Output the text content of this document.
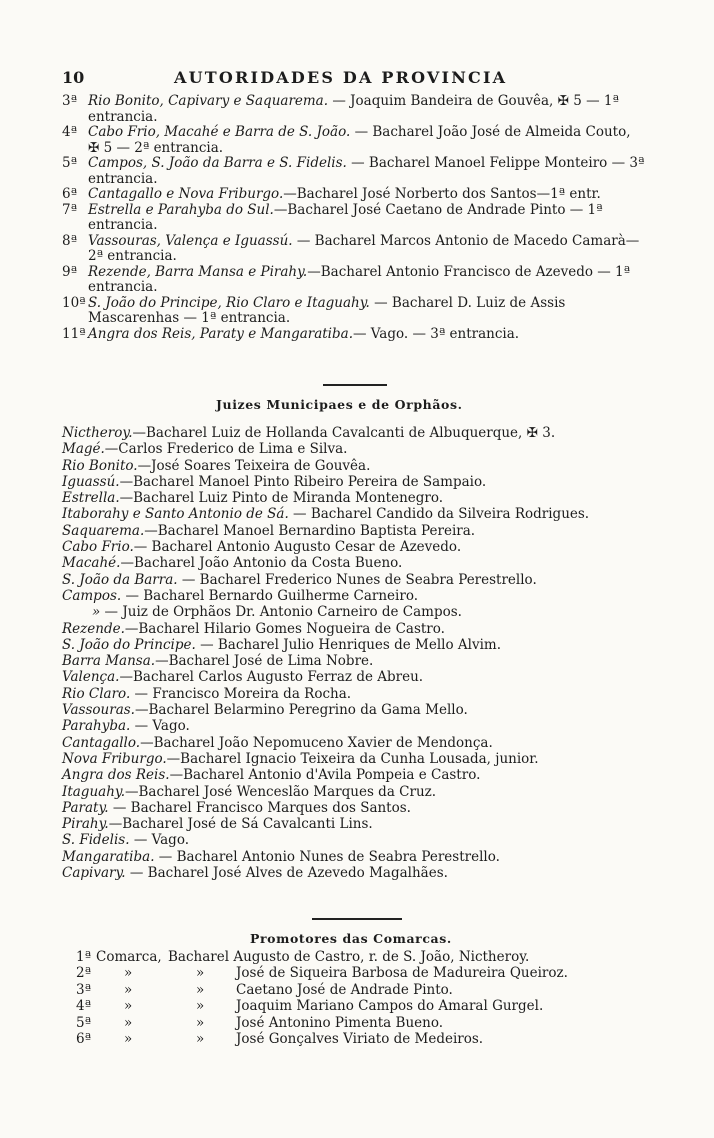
10	AUTORIDADES DA PROVINCIA
3ª Rio Bonito, Capivary e Saquarema. — Joaquim Bandeira de Gouvêa, ✠ 5 — 1ª entrancia.
4ª Cabo Frio, Macahé e Barra de S. João. — Bacharel João José de Almeida Couto, ✠ 5 — 2ª entrancia.
5ª Campos, S. João da Barra e S. Fidelis. — Bacharel Manoel Felippe Monteiro — 3ª entrancia.
6ª Cantagallo e Nova Friburgo.—Bacharel José Norberto dos Santos—1ª entr.
7ª Estrella e Parahyba do Sul.—Bacharel José Caetano de Andrade Pinto — 1ª entrancia.
8ª Vassouras, Valença e Iguassú. — Bacharel Marcos Antonio de Macedo Camarà—2ª entrancia.
9ª Rezende, Barra Mansa e Pirahy.—Bacharel Antonio Francisco de Azevedo — 1ª entrancia.
10ª S. João do Principe, Rio Claro e Itaguahy. — Bacharel D. Luiz de Assis Mascarenhas — 1ª entrancia.
11ª Angra dos Reis, Paraty e Mangaratiba.— Vago. — 3ª entrancia.
Juizes Municipaes e de Orphãos.
Nictheroy.—Bacharel Luiz de Hollanda Cavalcanti de Albuquerque, ✠ 3.
Magé.—Carlos Frederico de Lima e Silva.
Rio Bonito.—José Soares Teixeira de Gouvêa.
Iguassú.—Bacharel Manoel Pinto Ribeiro Pereira de Sampaio.
Estrella.—Bacharel Luiz Pinto de Miranda Montenegro.
Itaborahy e Santo Antonio de Sá. — Bacharel Candido da Silveira Rodrigues.
Saquarema.—Bacharel Manoel Bernardino Baptista Pereira.
Cabo Frio.— Bacharel Antonio Augusto Cesar de Azevedo.
Macahé.—Bacharel João Antonio da Costa Bueno.
S. João da Barra. — Bacharel Frederico Nunes de Seabra Perestrello.
Campos. — Bacharel Bernardo Guilherme Carneiro.
» — Juiz de Orphãos Dr. Antonio Carneiro de Campos.
Rezende.—Bacharel Hilario Gomes Nogueira de Castro.
S. João do Principe. — Bacharel Julio Henriques de Mello Alvim.
Barra Mansa.—Bacharel José de Lima Nobre.
Valença.—Bacharel Carlos Augusto Ferraz de Abreu.
Rio Claro. — Francisco Moreira da Rocha.
Vassouras.—Bacharel Belarmino Peregrino da Gama Mello.
Parahyba. — Vago.
Cantagallo.—Bacharel João Nepomuceno Xavier de Mendonça.
Nova Friburgo.—Bacharel Ignacio Teixeira da Cunha Lousada, junior.
Angra dos Reis.—Bacharel Antonio d'Avila Pompeia e Castro.
Itaguahy.—Bacharel José Wenceslão Marques da Cruz.
Paraty. — Bacharel Francisco Marques dos Santos.
Pirahy.—Bacharel José de Sá Cavalcanti Lins.
S. Fidelis. — Vago.
Mangaratiba. — Bacharel Antonio Nunes de Seabra Perestrello.
Capivary. — Bacharel José Alves de Azevedo Magalhães.
Promotores das Comarcas.
1ª Comarca, Bacharel Augusto de Castro, r. de S. João, Nictheroy.
2ª	»	» José de Siqueira Barbosa de Madureira Queiroz.
3ª	»	» Caetano José de Andrade Pinto.
4ª	»	» Joaquim Mariano Campos do Amaral Gurgel.
5ª	»	» José Antonino Pimenta Bueno.
6ª	»	» José Gonçalves Viriato de Medeiros.
